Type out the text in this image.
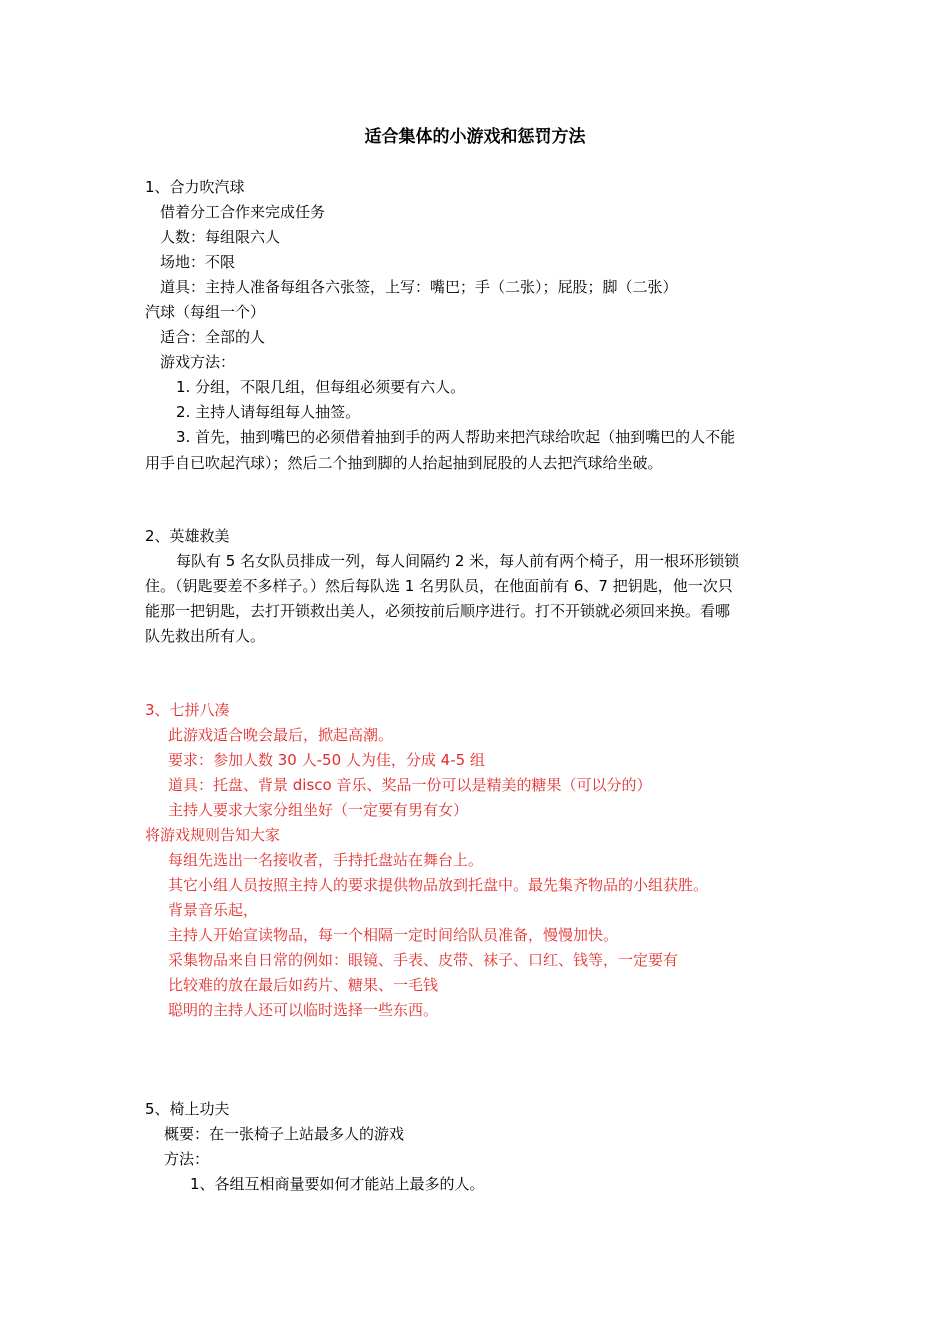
适合集体的小游戏和惩罚方法
1、合力吹汽球
借着分工合作来完成任务
人数：每组限六人
场地：不限
道具：主持人准备每组各六张签，上写：嘴巴；手（二张）；屁股；脚（二张）
汽球（每组一个）
适合：全部的人
游戏方法：
1. 分组，不限几组，但每组必须要有六人。
2. 主持人请每组每人抽签。
3. 首先，抽到嘴巴的必须借着抽到手的两人帮助来把汽球给吹起（抽到嘴巴的人不能
用手自已吹起汽球）；然后二个抽到脚的人抬起抽到屁股的人去把汽球给坐破。
2、英雄救美
每队有 5 名女队员排成一列，每人间隔约 2 米，每人前有两个椅子，用一根环形锁锁
住。（钥匙要差不多样子。）然后每队选 1 名男队员，在他面前有 6、7 把钥匙，他一次只
能那一把钥匙，去打开锁救出美人，必须按前后顺序进行。打不开锁就必须回来换。看哪
队先救出所有人。
3、七拼八凑
此游戏适合晚会最后，掀起高潮。
要求：参加人数 30 人-50 人为佳，分成 4-5 组
道具：托盘、背景 disco 音乐、奖品一份可以是精美的糖果（可以分的）
主持人要求大家分组坐好（一定要有男有女）
将游戏规则告知大家
每组先选出一名接收者，手持托盘站在舞台上。
其它小组人员按照主持人的要求提供物品放到托盘中。最先集齐物品的小组获胜。
背景音乐起，
主持人开始宣读物品，每一个相隔一定时间给队员准备，慢慢加快。
采集物品来自日常的例如：眼镜、手表、皮带、袜子、口红、钱等，一定要有
比较难的放在最后如药片、糖果、一毛钱
聪明的主持人还可以临时选择一些东西。
5、椅上功夫
概要：在一张椅子上站最多人的游戏
方法：
1、各组互相商量要如何才能站上最多的人。
